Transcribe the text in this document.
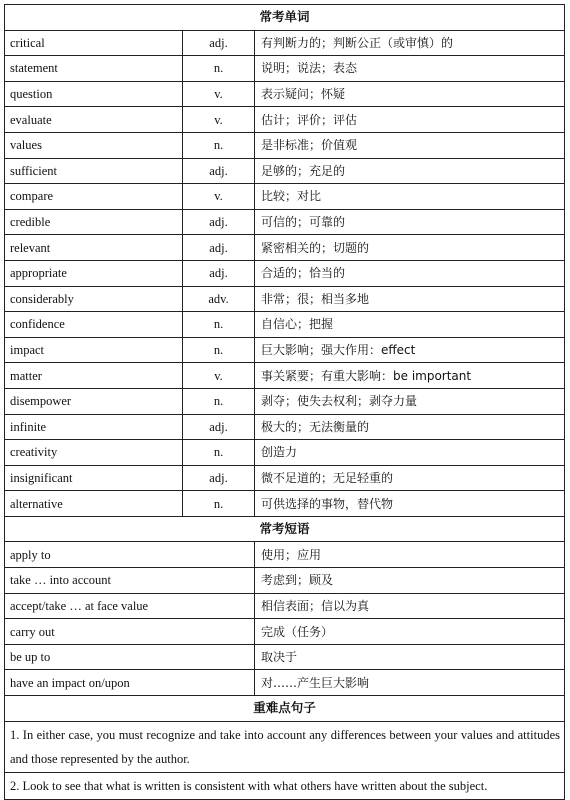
常考单词		
critical	adj.	有判断力的；判断公正（或审慎）的
statement	n.	说明；说法；表态
question	v.	表示疑问；怀疑
evaluate	v.	估计；评价；评估
values	n.	是非标准；价值观
sufficient	adj.	足够的；充足的
compare	v.	比较；对比
credible	adj.	可信的；可靠的
relevant	adj.	紧密相关的；切题的
appropriate	adj.	合适的；恰当的
considerably	adv.	非常；很；相当多地
confidence	n.	自信心；把握
impact	n.	巨大影响；强大作用：effect
matter	v.	事关紧要；有重大影响：be important
disempower	n.	剥夺；使失去权利；剥夺力量
infinite	adj.	极大的；无法衡量的
creativity	n.	创造力
insignificant	adj.	微不足道的；无足轻重的
alternative	n.	可供选择的事物，替代物
常考短语		
apply to		使用；应用
take … into account		考虑到；顾及
accept/take … at face value		相信表面；信以为真
carry out		完成（任务）
be up to		取决于
have an impact on/upon		对……产生巨大影响
重难点句子		
1. In either case, you must recognize and take into account any differences between your values and attitudes and those represented by the author.		
2. Look to see that what is written is consistent with what others have written about the subject.		
